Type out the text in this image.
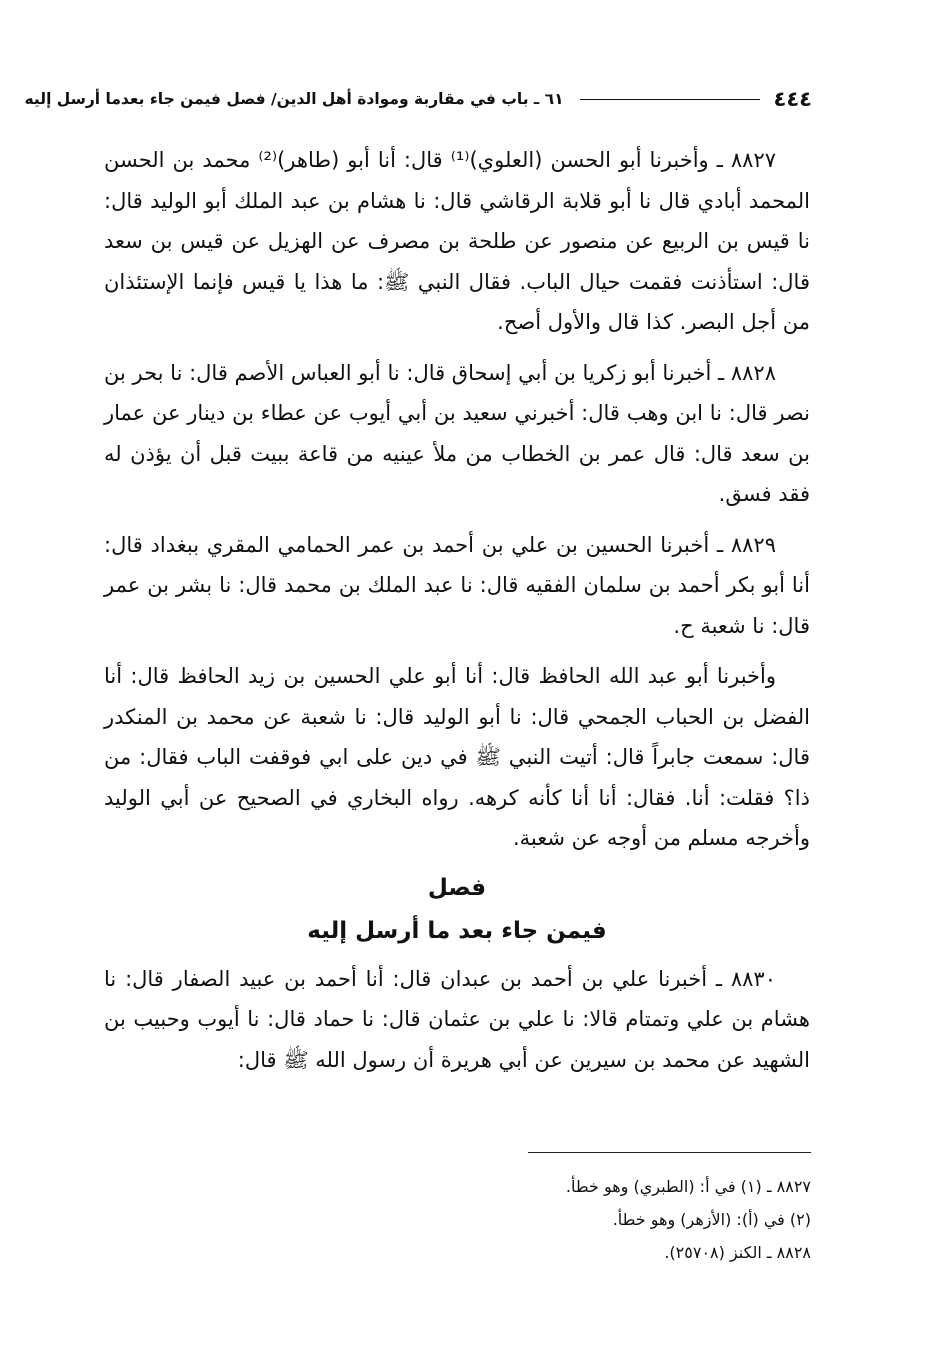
٤٤٤
٦١ ـ باب في مقاربة وموادة أهل الدين/ فصل فيمن جاء بعدما أرسل إليه

٨٨٢٧ ـ وأخبرنا أبو الحسن (العلوي)⁽¹⁾ قال: أنا أبو (طاهر)⁽²⁾ محمد بن الحسن المحمد أبادي قال نا أبو قلابة الرقاشي قال: نا هشام بن عبد الملك أبو الوليد قال: نا قيس بن الربيع عن منصور عن طلحة بن مصرف عن الهزيل عن قيس بن سعد قال: استأذنت فقمت حيال الباب. فقال النبي ﷺ: ما هذا يا قيس فإنما الإستئذان من أجل البصر. كذا قال والأول أصح.

٨٨٢٨ ـ أخبرنا أبو زكريا بن أبي إسحاق قال: نا أبو العباس الأصم قال: نا بحر بن نصر قال: نا ابن وهب قال: أخبرني سعيد بن أبي أيوب عن عطاء بن دينار عن عمار بن سعد قال: قال عمر بن الخطاب من ملأ عينيه من قاعة ببيت قبل أن يؤذن له فقد فسق.

٨٨٢٩ ـ أخبرنا الحسين بن علي بن أحمد بن عمر الحمامي المقري ببغداد قال: أنا أبو بكر أحمد بن سلمان الفقيه قال: نا عبد الملك بن محمد قال: نا بشر بن عمر قال: نا شعبة ح.

وأخبرنا أبو عبد الله الحافظ قال: أنا أبو علي الحسين بن زيد الحافظ قال: أنا الفضل بن الحباب الجمحي قال: نا أبو الوليد قال: نا شعبة عن محمد بن المنكدر قال: سمعت جابراً قال: أتيت النبي ﷺ في دين على ابي فوقفت الباب فقال: من ذا؟ فقلت: أنا. فقال: أنا أنا كأنه كرهه. رواه البخاري في الصحيح عن أبي الوليد وأخرجه مسلم من أوجه عن شعبة.

فصل
فيمن جاء بعد ما أرسل إليه

٨٨٣٠ ـ أخبرنا علي بن أحمد بن عبدان قال: أنا أحمد بن عبيد الصفار قال: نا هشام بن علي وتمتام قالا: نا علي بن عثمان قال: نا حماد قال: نا أيوب وحبيب بن الشهيد عن محمد بن سيرين عن أبي هريرة أن رسول الله ﷺ قال:

٨٨٢٧ ـ (١) في أ: (الطبري) وهو خطأ.

(٢) في (أ): (الأزهر) وهو خطأ.

٨٨٢٨ ـ الكنز (٢٥٧٠٨).
